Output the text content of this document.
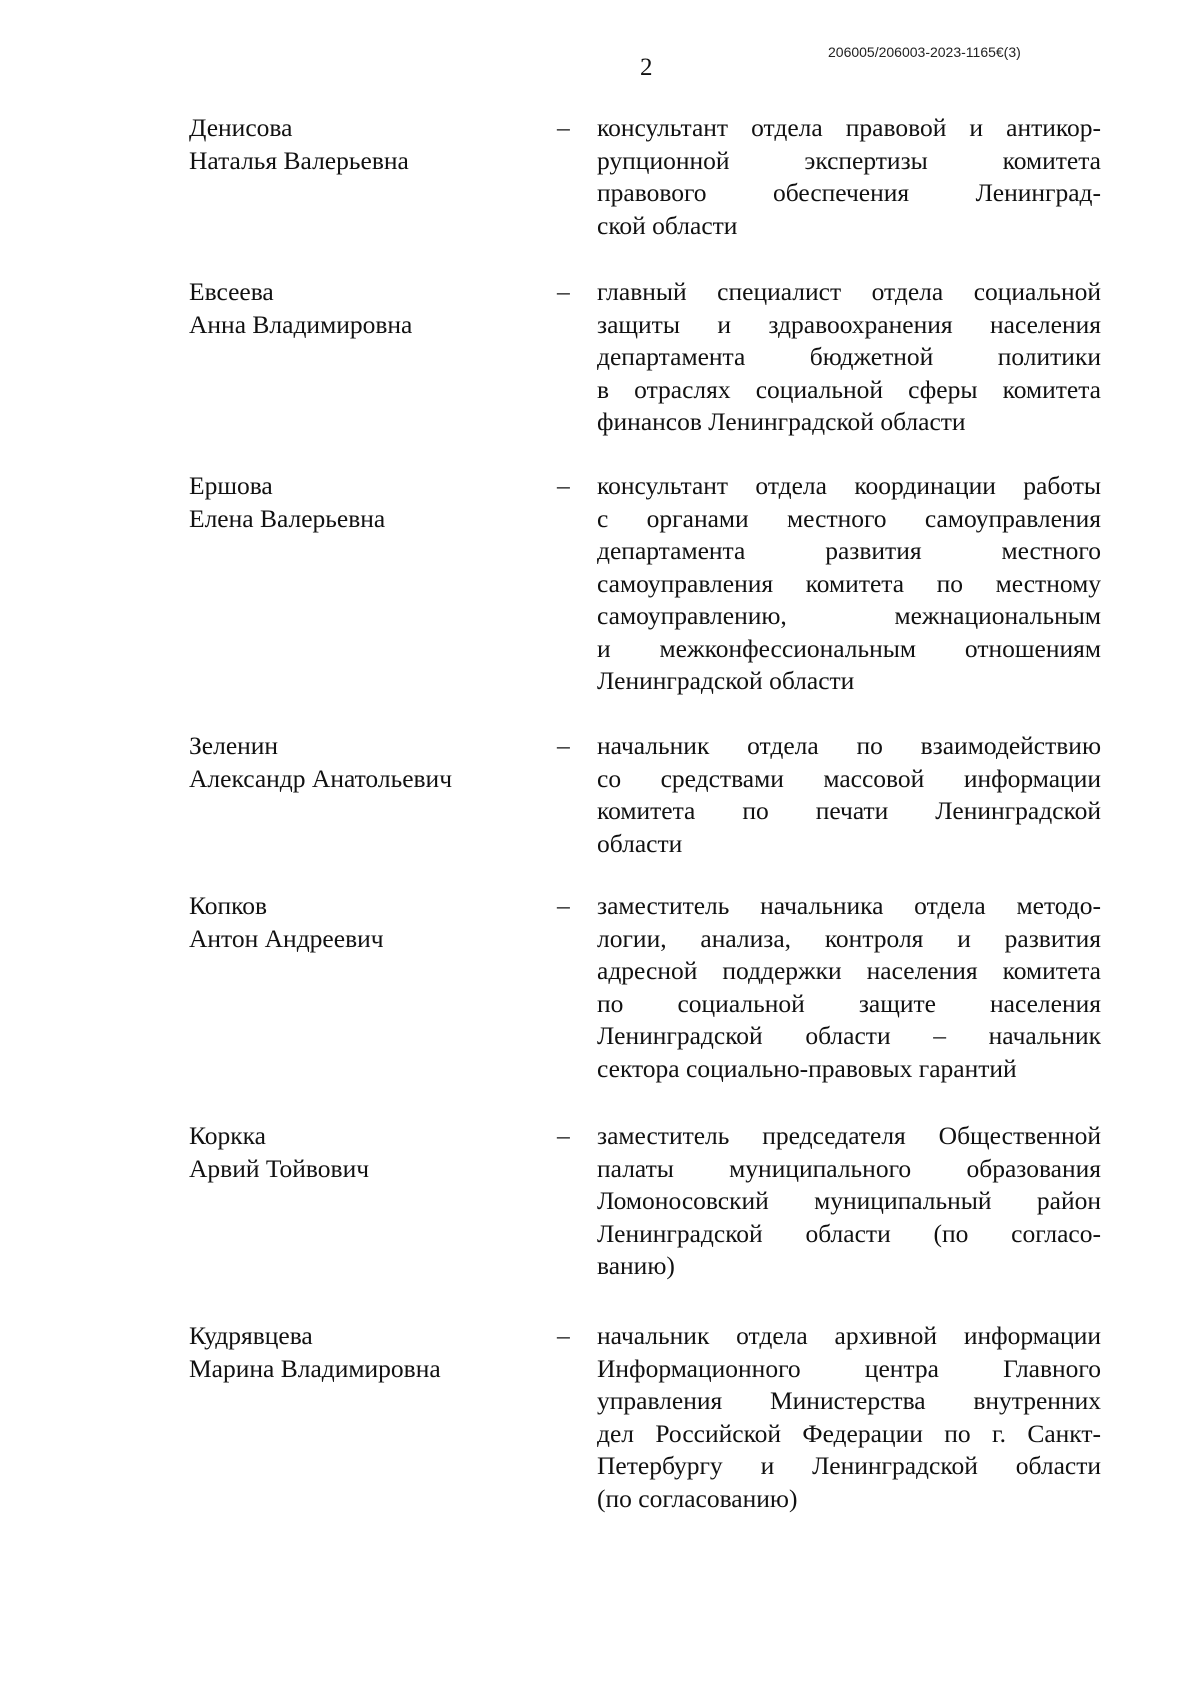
206005/206003-2023-1165€(3)
2
Денисова
Наталья Валерьевна
– консультант отдела правовой и антикор-
рупционной экспертизы комитета
правового обеспечения Ленинград-
ской области
Евсеева
Анна Владимировна
– главный специалист отдела социальной
защиты и здравоохранения населения
департамента бюджетной политики
в отраслях социальной сферы комитета
финансов Ленинградской области
Ершова
Елена Валерьевна
– консультант отдела координации работы
с органами местного самоуправления
департамента развития местного
самоуправления комитета по местному
самоуправлению, межнациональным
и межконфессиональным отношениям
Ленинградской области
Зеленин
Александр Анатольевич
– начальник отдела по взаимодействию
со средствами массовой информации
комитета по печати Ленинградской
области
Копков
Антон Андреевич
– заместитель начальника отдела методо-
логии, анализа, контроля и развития
адресной поддержки населения комитета
по социальной защите населения
Ленинградской области – начальник
сектора социально-правовых гарантий
Коркка
Арвий Тойвович
– заместитель председателя Общественной
палаты муниципального образования
Ломоносовский муниципальный район
Ленинградской области (по согласо-
ванию)
Кудрявцева
Марина Владимировна
– начальник отдела архивной информации
Информационного центра Главного
управления Министерства внутренних
дел Российской Федерации по г. Санкт-
Петербургу и Ленинградской области
(по согласованию)
